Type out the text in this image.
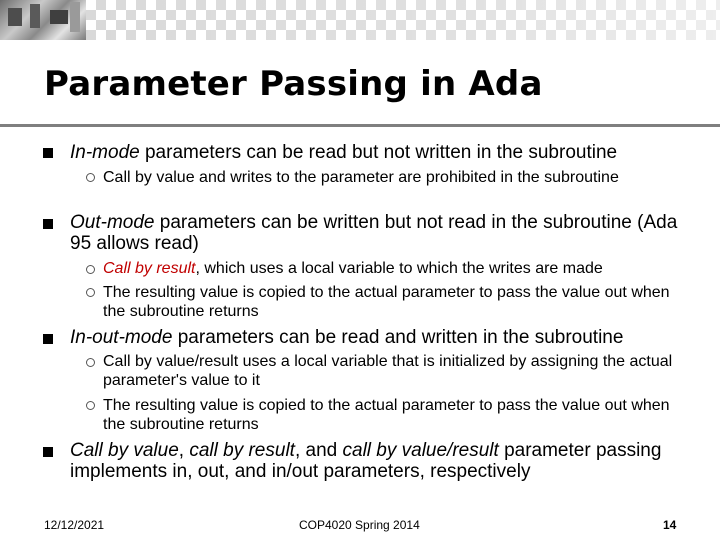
Parameter Passing in Ada
In-mode parameters can be read but not written in the subroutine
Call by value and writes to the parameter are prohibited in the subroutine
Out-mode parameters can be written but not read in the subroutine (Ada 95 allows read)
Call by result, which uses a local variable to which the writes are made
The resulting value is copied to the actual parameter to pass the value out when the subroutine returns
In-out-mode parameters can be read and written in the subroutine
Call by value/result uses a local variable that is initialized by assigning the actual parameter's value to it
The resulting value is copied to the actual parameter to pass the value out when the subroutine returns
Call by value, call by result, and call by value/result parameter passing implements in, out, and in/out parameters, respectively
12/12/2021	COP4020 Spring 2014	14
